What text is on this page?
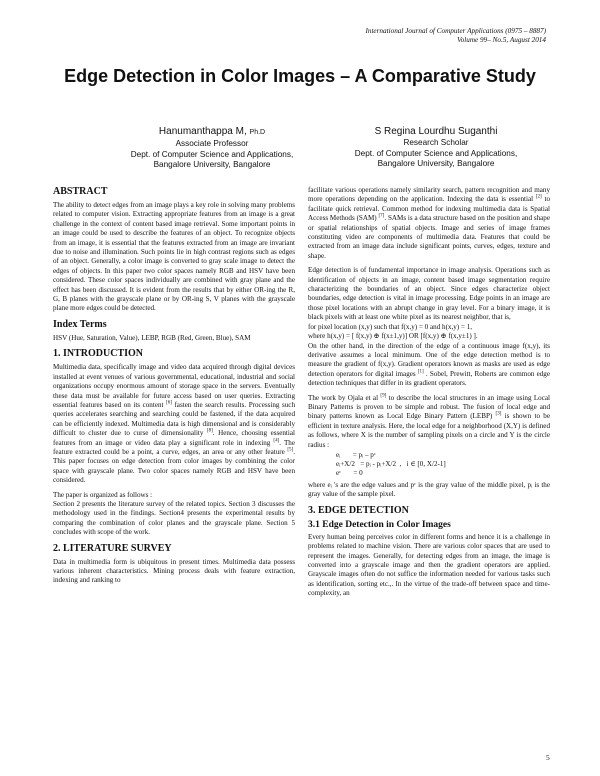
International Journal of Computer Applications (0975 – 8887)
Volume 99– No.5, August 2014
Edge Detection in Color Images – A Comparative Study
Hanumanthappa M, Ph.D
Associate Professor
Dept. of Computer Science and Applications,
Bangalore University, Bangalore
S Regina Lourdhu Suganthi
Research Scholar
Dept. of Computer Science and Applications,
Bangalore University, Bangalore
ABSTRACT

The ability to detect edges from an image plays a key role in solving many problems related to computer vision. Extracting appropriate features from an image is a great challenge in the context of content based image retrieval. Some important points in an image could be used to describe the features of an object. To recognize objects from an image, it is essential that the features extracted from an image are invariant due to noise and illumination. Such points lie in high contrast regions such as edges of an object. Generally, a color image is converted to gray scale image to detect the edges of objects. In this paper two color spaces namely RGB and HSV have been considered. These color spaces individually are combined with gray plane and the effect has been discussed. It is evident from the results that by either OR-ing the R, G, B planes with the grayscale plane or by OR-ing S, V planes with the grayscale plane more edges could be detected.

Index Terms

HSV (Hue, Saturation, Value), LEBP, RGB (Red, Green, Blue), SAM

1. INTRODUCTION

Multimedia data, specifically image and video data acquired through digital devices installed at event venues of various governmental, educational, industrial and social organizations occupy enormous amount of storage space in the servers. Eventually these data must be available for future access based on user queries. Extracting essential features based on its content [6] fasten the search results. Processing such queries accelerates searching and searching could be fastened, if the data acquired can be efficiently indexed. Multimedia data is high dimensional and is considerably difficult to cluster due to curse of dimensionality [8]. Hence, choosing essential features from an image or video data play a significant role in indexing [4]. The feature extracted could be a point, a curve, edges, an area or any other feature [5]. This paper focuses on edge detection from color images by combining the color space with grayscale plane. Two color spaces namely RGB and HSV have been considered.

The paper is organized as follows :

Section 2 presents the literature survey of the related topics. Section 3 discusses the methodology used in the findings. Section4 presents the experimental results by comparing the combination of color planes and the grayscale plane. Section 5 concludes with scope of the work.

2. LITERATURE SURVEY

Data in multimedia form is ubiquitous in present times. Multimedia data possess various inherent characteristics. Mining process deals with feature extraction, indexing and ranking to

facilitate various operations namely similarity search, pattern recognition and many more operations depending on the application. Indexing the data is essential [2] to facilitate quick retrieval. Common method for indexing multimedia data is Spatial Access Methods (SAM) [7]. SAMs is a data structure based on the position and shape or spatial relationships of spatial objects. Image and series of image frames constituting video are components of multimedia data. Features that could be extracted from an image data include significant points, curves, edges, texture and shape.

Edge detection is of fundamental importance in image analysis. Operations such as identification of objects in an image, content based image segmentation require characterizing the boundaries of an object. Since edges characterize object boundaries, edge detection is vital in image processing. Edge points in an image are those pixel locations with an abrupt change in gray level. For a binary image, it is black pixels with at least one white pixel as its nearest neighbor, that is,
for pixel location (x,y) such that f(x,y) = 0 and h(x,y) = 1,
where h(x,y) = [ f(x,y) ⊕ f(x±1,y)] OR [f(x,y) ⊕ f(x,y±1) ].
On the other hand, in the direction of the edge of a continuous image f(x,y), its derivative assumes a local minimum. One of the edge detection method is to measure the gradient of f(x,y). Gradient operators known as masks are used as edge detection operators for digital images [1] . Sobel, Prewitt, Roberts are common edge detection techniques that differ in its gradient operators.

The work by Ojala et al [9] to describe the local structures in an image using Local Binary Patterns is proven to be simple and robust. The fusion of local edge and binary patterns known as Local Edge Binary Pattern (LEBP) [3] is shown to be efficient in texture analysis. Here, the local edge for a neighborhood (X,Y) is defined as follows, where X is the number of sampling pixels on a circle and Y is the circle radius :

eᵢ       = pᵢ – pᶜ
eᵢ+X/2   = pᵢ - pᵢ+X/2  ,   i ∈ [0, X/2-1]
eᶜ       = 0

where eᵢ 's are the edge values and pᶜ is the gray value of the middle pixel, pᵢ is the gray value of the sample pixel.

3. EDGE DETECTION
3.1 Edge Detection in Color Images

Every human being perceives color in different forms and hence it is a challenge in problems related to machine vision. There are various color spaces that are used to represent the images. Generally, for detecting edges from an image, the image is converted into a grayscale image and then the gradient operators are applied. Grayscale images often do not suffice the information needed for various tasks such as identification, sorting etc.,. In the virtue of the trade-off between space and time-complexity, an

5
